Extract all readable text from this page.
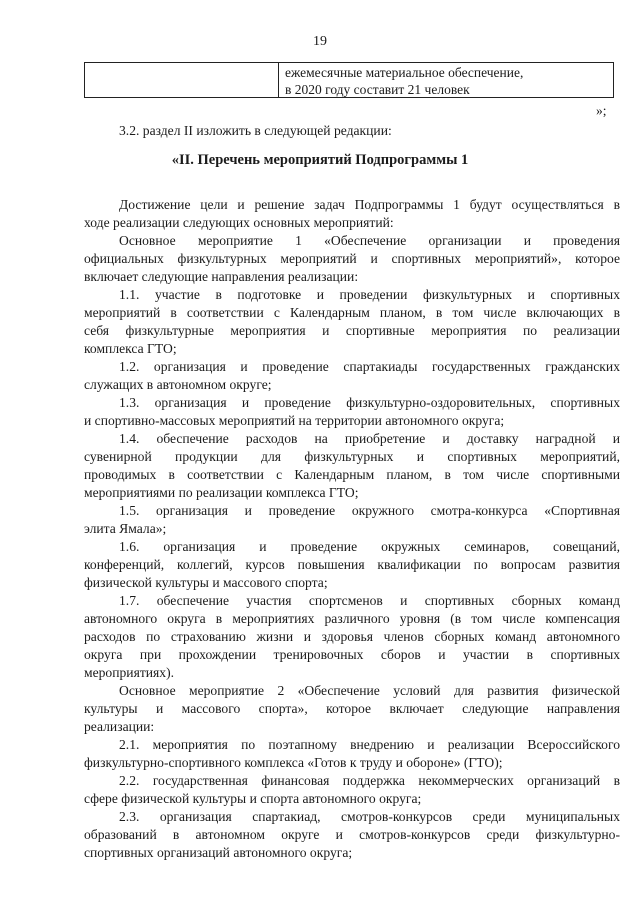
19
ежемесячные материальное обеспечение,
в 2020 году составит 21 человек
»;
3.2. раздел II изложить в следующей редакции:
«II. Перечень мероприятий Подпрограммы 1
Достижение цели и решение задач Подпрограммы 1 будут осуществляться в
ходе реализации следующих основных мероприятий:
Основное мероприятие 1 «Обеспечение организации и проведения
официальных физкультурных мероприятий и спортивных мероприятий», которое
включает следующие направления реализации:
1.1. участие в подготовке и проведении физкультурных и спортивных
мероприятий в соответствии с Календарным планом, в том числе включающих в
себя физкультурные мероприятия и спортивные мероприятия по реализации
комплекса ГТО;
1.2. организация и проведение спартакиады государственных гражданских
служащих в автономном округе;
1.3. организация и проведение физкультурно-оздоровительных, спортивных
и спортивно-массовых мероприятий на территории автономного округа;
1.4. обеспечение расходов на приобретение и доставку наградной и
сувенирной продукции для физкультурных и спортивных мероприятий,
проводимых в соответствии с Календарным планом, в том числе спортивными
мероприятиями по реализации комплекса ГТО;
1.5. организация и проведение окружного смотра-конкурса «Спортивная
элита Ямала»;
1.6. организация и проведение окружных семинаров, совещаний,
конференций, коллегий, курсов повышения квалификации по вопросам развития
физической культуры и массового спорта;
1.7. обеспечение участия спортсменов и спортивных сборных команд
автономного округа в мероприятиях различного уровня (в том числе компенсация
расходов по страхованию жизни и здоровья членов сборных команд автономного
округа при прохождении тренировочных сборов и участии в спортивных
мероприятиях).
Основное мероприятие 2 «Обеспечение условий для развития физической
культуры и массового спорта», которое включает следующие направления
реализации:
2.1. мероприятия по поэтапному внедрению и реализации Всероссийского
физкультурно-спортивного комплекса «Готов к труду и обороне» (ГТО);
2.2. государственная финансовая поддержка некоммерческих организаций в
сфере физической культуры и спорта автономного округа;
2.3. организация спартакиад, смотров-конкурсов среди муниципальных
образований в автономном округе и смотров-конкурсов среди физкультурно-
спортивных организаций автономного округа;
